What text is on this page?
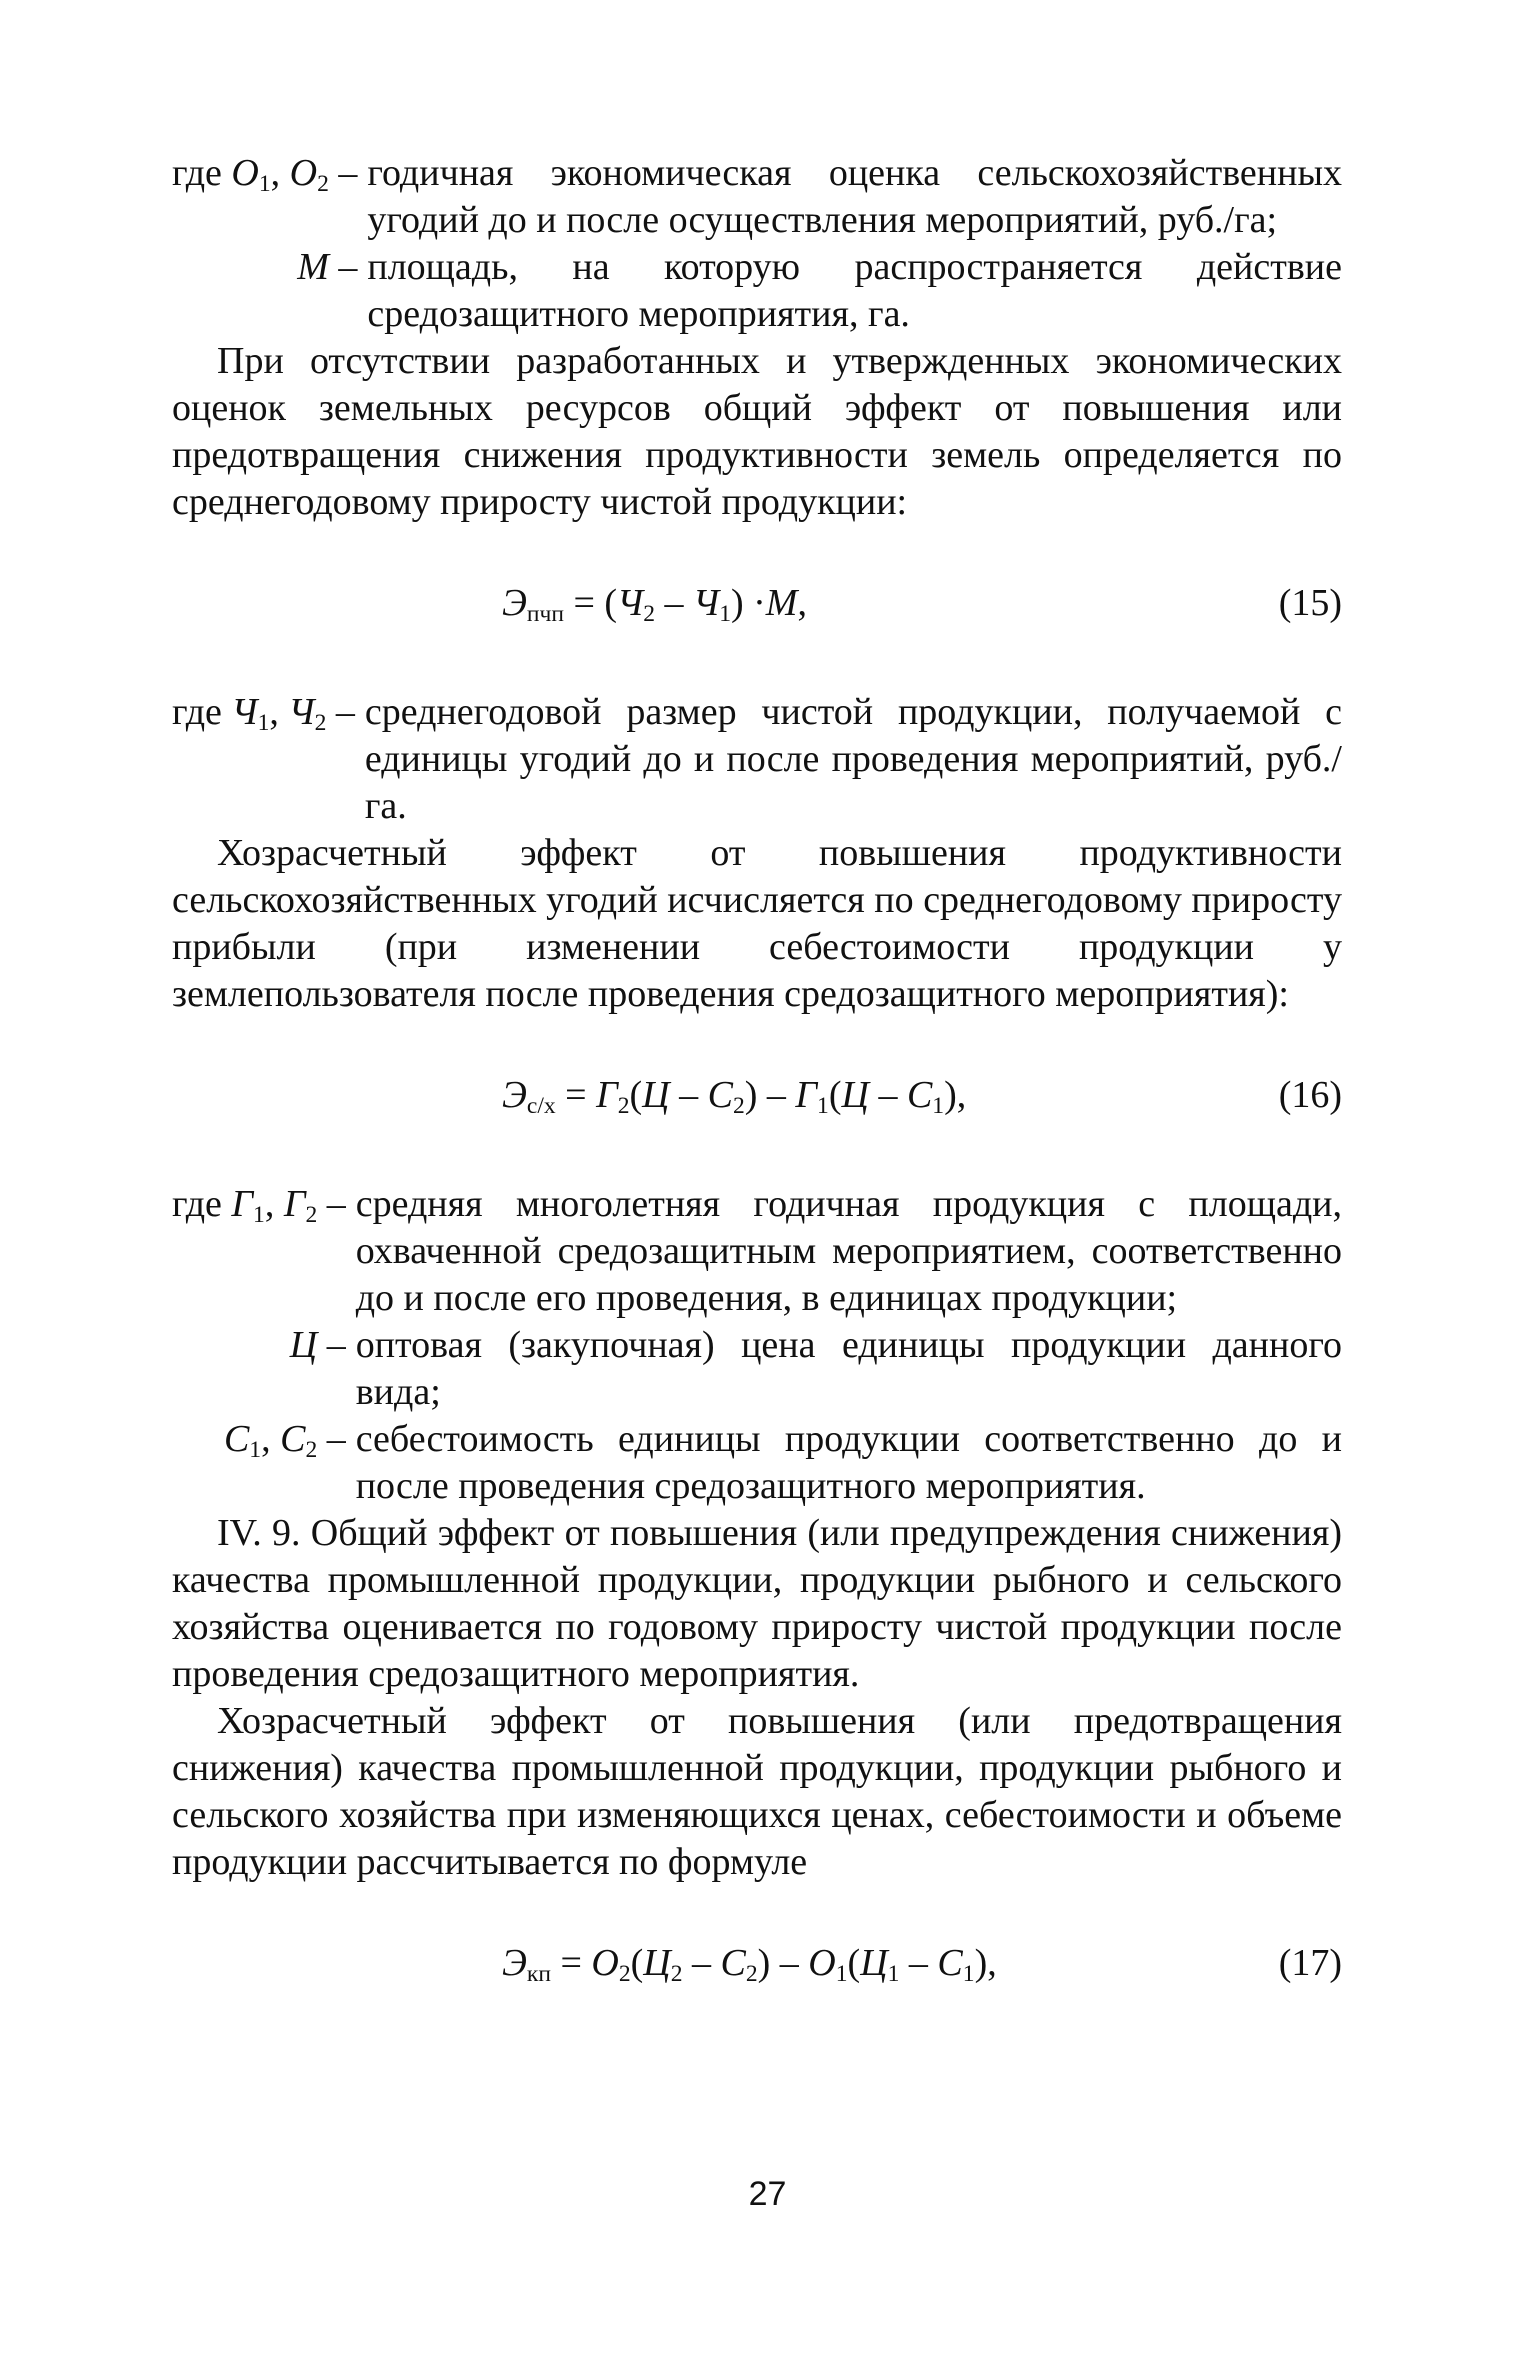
где $O_1$, $O_2$ – годичная экономическая оценка сельскохозяйственных угодий до и после осуществления мероприятий, руб./га;
M – площадь, на которую распространяется действие средозащитного мероприятия, га.

При отсутствии разработанных и утвержденных экономических оценок земельных ресурсов общий эффект от повышения или предотвращения снижения продуктивности земель определяется по среднегодовому приросту чистой продукции:

$Э_{пчп} = (Ч_2 - Ч_1) \cdot М$,	(15)
где $Ч_1$, $Ч_2$ – среднегодовой размер чистой продукции, получаемой с единицы угодий до и после проведения мероприятий, руб./га.

Хозрасчетный эффект от повышения продуктивности сельскохозяйственных угодий исчисляется по среднегодовому приросту прибыли (при изменении себестоимости продукции у землепользователя после проведения средозащитного мероприятия):

$Э_{с/х} = Г_2(Ц - С_2) - Г_1(Ц - С_1)$,	(16)
где $Г_1$, $Г_2$ – средняя многолетняя годичная продукция с площади, охваченной средозащитным мероприятием, соответственно до и после его проведения, в единицах продукции;
Ц – оптовая (закупочная) цена единицы продукции данного вида;
$С_1$, $С_2$ – себестоимость единицы продукции соответственно до и после проведения средозащитного мероприятия.

IV. 9. Общий эффект от повышения (или предупреждения снижения) качества промышленной продукции, продукции рыбного и сельского хозяйства оценивается по годовому приросту чистой продукции после проведения средозащитного мероприятия.

Хозрасчетный эффект от повышения (или предотвращения снижения) качества промышленной продукции, продукции рыбного и сельского хозяйства при изменяющихся ценах, себестоимости и объеме продукции рассчитывается по формуле

$Э_{кп} = О_2(Ц_2 - С_2) - О_1(Ц_1 - С_1)$,	(17)
27
